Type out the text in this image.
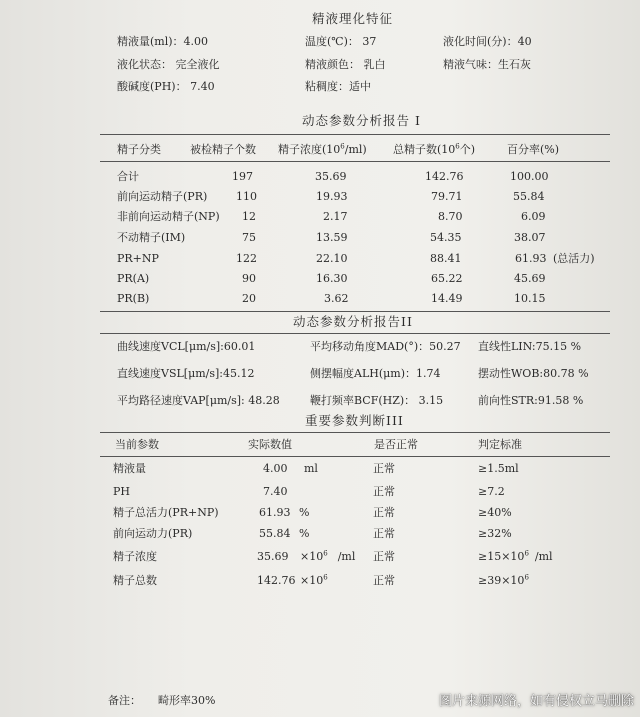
精液理化特征
精液量(ml)：4.00	温度(℃)： 37	液化时间(分)：40
液化状态： 完全液化	精液颜色： 乳白	精液气味：生石灰
酸碱度(PH)： 7.40	粘稠度：适中
动态参数分析报告 I
精子分类	被检精子个数 精子浓度$(10^6/ml)$ 总精子数($10^6$个)	百分率(%)
合计	197	35.69	142.76	100.00
前向运动精子(PR)	110	19.93	79.71	55.84
非前向运动精子(NP) 12	2.17	8.70	6.09
不动精子(IM)	75	13.59	54.35	38.07
PR+NP	122	22.10	88.41	61.93 (总活力)
PR(A)	90	16.30	65.22	45.69
PR(B)	20	3.62	14.49	10.15
动态参数分析报告II
曲线速度VCL[μm/s]:60.01	平均移动角度MAD(°)：50.27 直线性LIN:75.15 %
直线速度VSL[μm/s]:45.12	侧摆幅度ALH(μm)：1.74	摆动性WOB:80.78 %
平均路径速度VAP[μm/s]: 48.28	鞭打频率BCF(HZ)： 3.15	前向性STR:91.58 %
重要参数判断III
当前参数	实际数值	是否正常	判定标准
精液量	4.00 ml	正常	≥1.5ml
PH	7.40	正常	≥7.2
精子总活力(PR+NP)	61.93 %	正常	≥40%
前向运动力(PR)	55.84 %	正常	≥32%
精子浓度	$35.69 \times 10^6$ /ml 正常	$\ge 15\times 10^6$ /ml
精子总数	$142.76 \times 10^6$	正常	$\ge 39\times 10^6$
备注： 畸形率30%	图片来源网络，如有侵权立马删除
